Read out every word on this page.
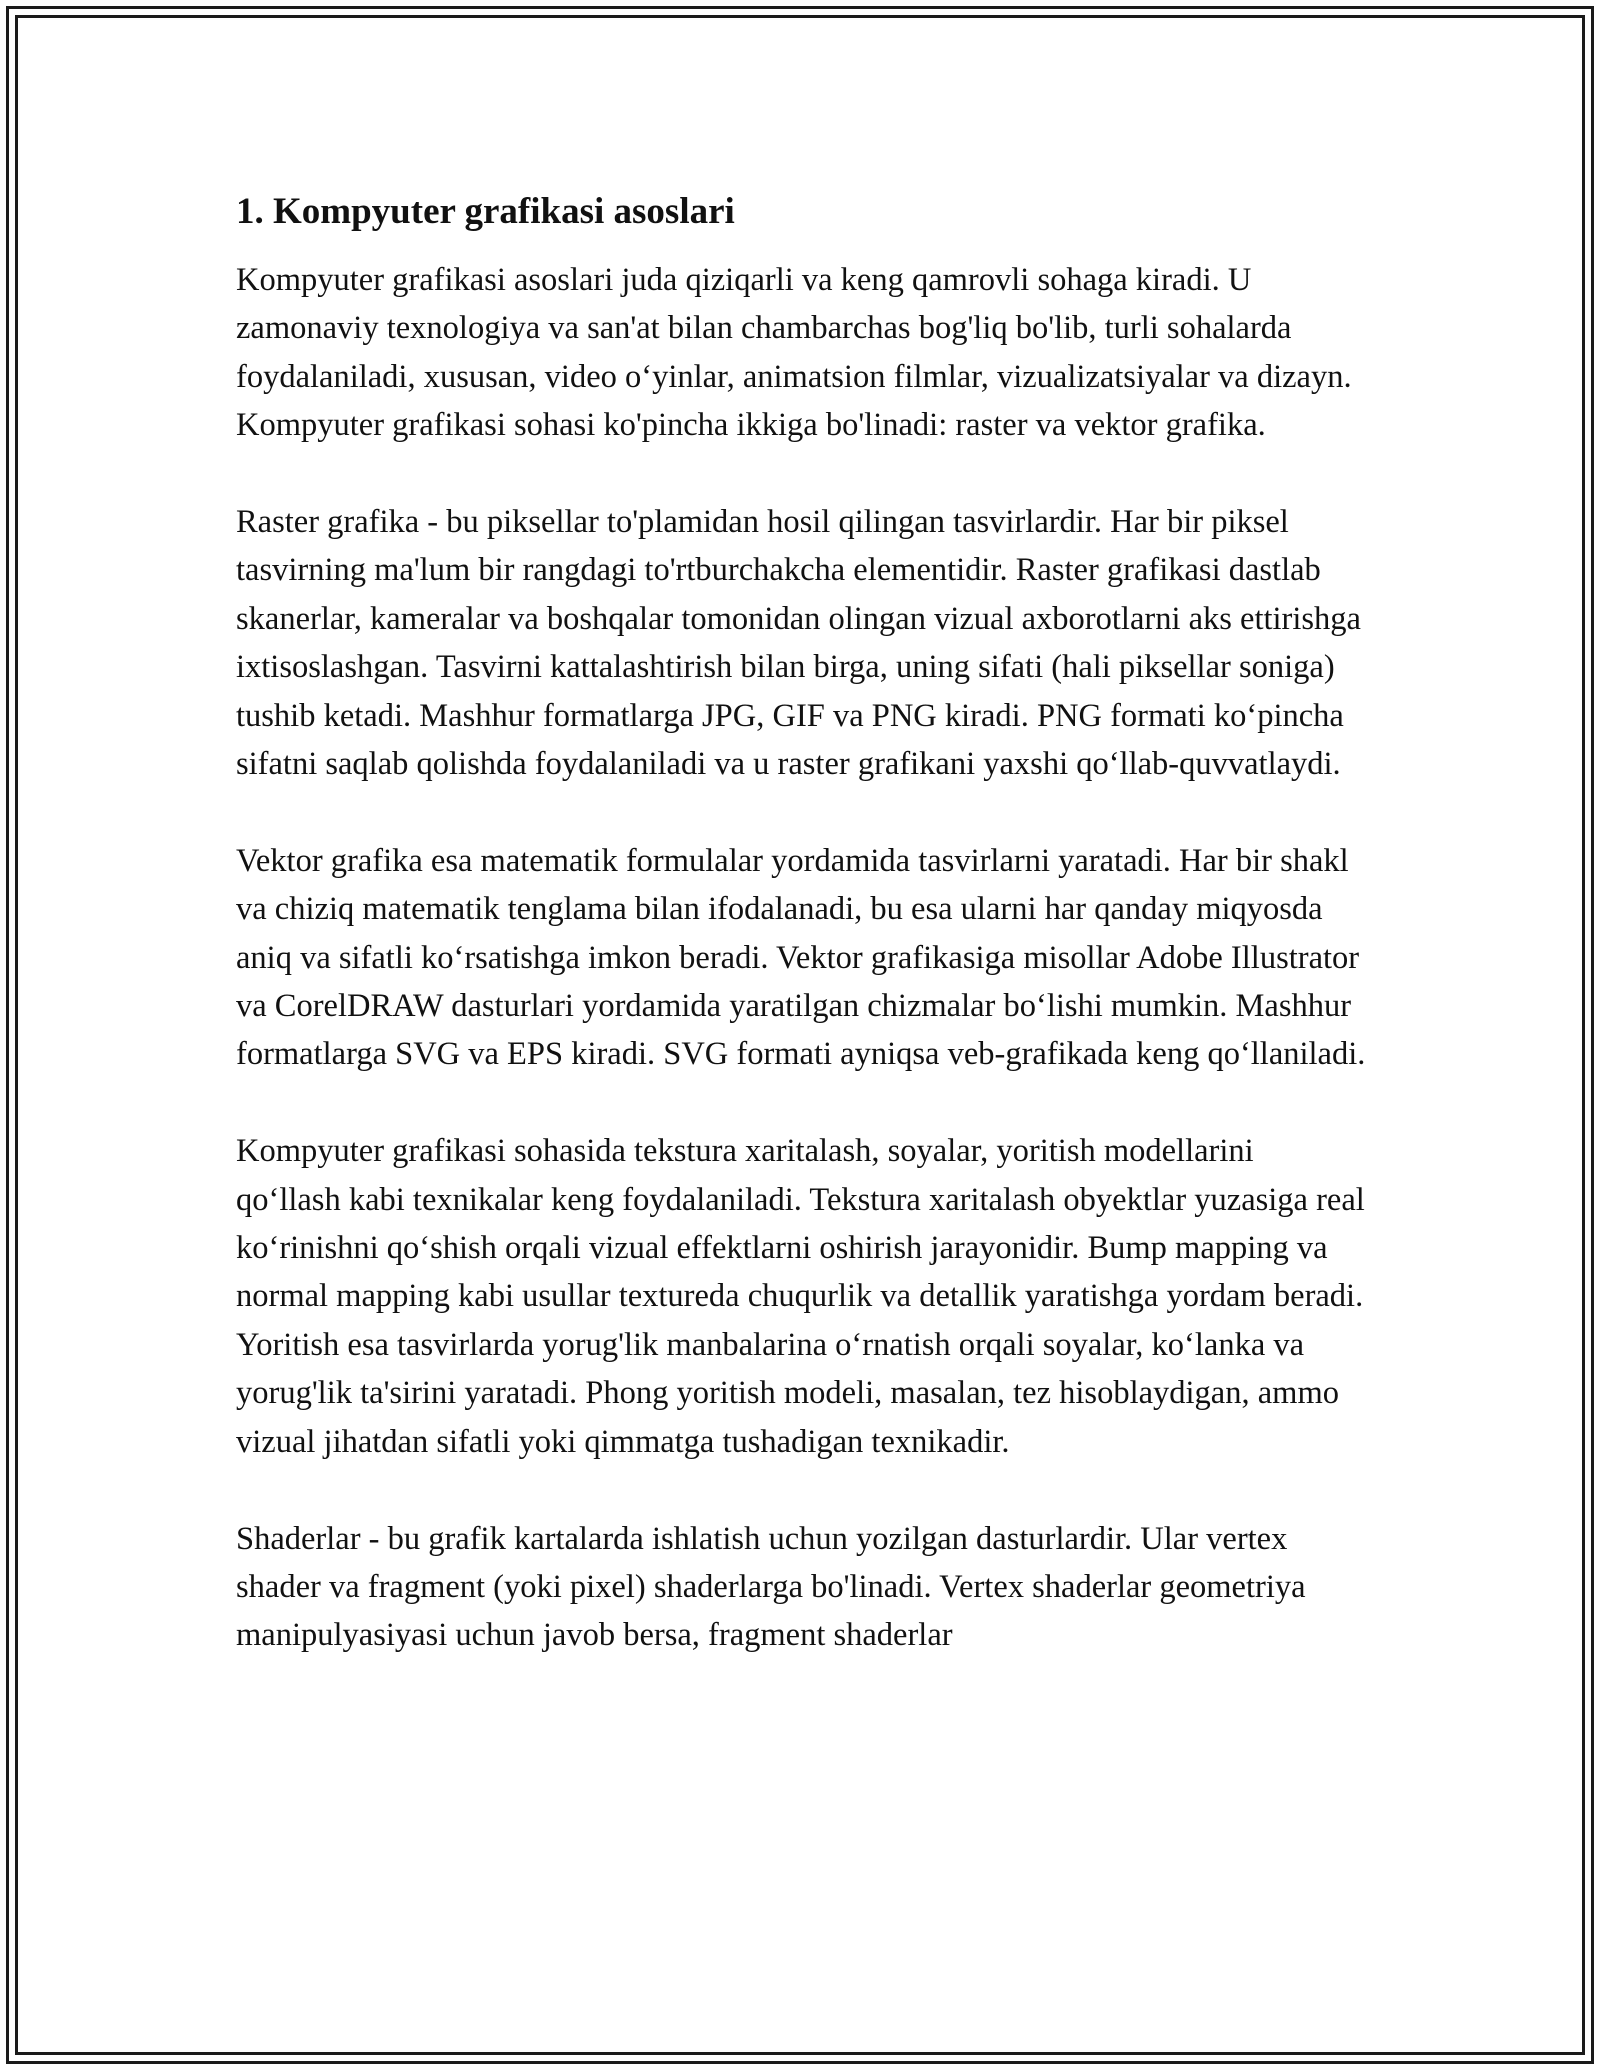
1. Kompyuter grafikasi asoslari

Kompyuter grafikasi asoslari juda qiziqarli va keng qamrovli sohaga kiradi. U zamonaviy texnologiya va san'at bilan chambarchas bog'liq bo'lib, turli sohalarda foydalaniladi, xususan, video oʻyinlar, animatsion filmlar, vizualizatsiyalar va dizayn. Kompyuter grafikasi sohasi ko'pincha ikkiga bo'linadi: raster va vektor grafika.

Raster grafika - bu piksellar to'plamidan hosil qilingan tasvirlardir. Har bir piksel tasvirning ma'lum bir rangdagi to'rtburchakcha elementidir. Raster grafikasi dastlab skanerlar, kameralar va boshqalar tomonidan olingan vizual axborotlarni aks ettirishga ixtisoslashgan. Tasvirni kattalashtirish bilan birga, uning sifati (hali piksellar soniga) tushib ketadi. Mashhur formatlarga JPG, GIF va PNG kiradi. PNG formati koʻpincha sifatni saqlab qolishda foydalaniladi va u raster grafikani yaxshi qoʻllab-quvvatlaydi.

Vektor grafika esa matematik formulalar yordamida tasvirlarni yaratadi. Har bir shakl va chiziq matematik tenglama bilan ifodalanadi, bu esa ularni har qanday miqyosda aniq va sifatli koʻrsatishga imkon beradi. Vektor grafikasiga misollar Adobe Illustrator va CorelDRAW dasturlari yordamida yaratilgan chizmalar boʻlishi mumkin. Mashhur formatlarga SVG va EPS kiradi. SVG formati ayniqsa veb-grafikada keng qoʻllaniladi.

Kompyuter grafikasi sohasida tekstura xaritalash, soyalar, yoritish modellarini qoʻllash kabi texnikalar keng foydalaniladi. Tekstura xaritalash obyektlar yuzasiga real koʻrinishni qoʻshish orqali vizual effektlarni oshirish jarayonidir. Bump mapping va normal mapping kabi usullar textureda chuqurlik va detallik yaratishga yordam beradi. Yoritish esa tasvirlarda yorug'lik manbalarina oʻrnatish orqali soyalar, koʻlanka va yorug'lik ta'sirini yaratadi. Phong yoritish modeli, masalan, tez hisoblaydigan, ammo vizual jihatdan sifatli yoki qimmatga tushadigan texnikadir.

Shaderlar - bu grafik kartalarda ishlatish uchun yozilgan dasturlardir. Ular vertex shader va fragment (yoki pixel) shaderlarga bo'linadi. Vertex shaderlar geometriya manipulyasiyasi uchun javob bersa, fragment shaderlar
